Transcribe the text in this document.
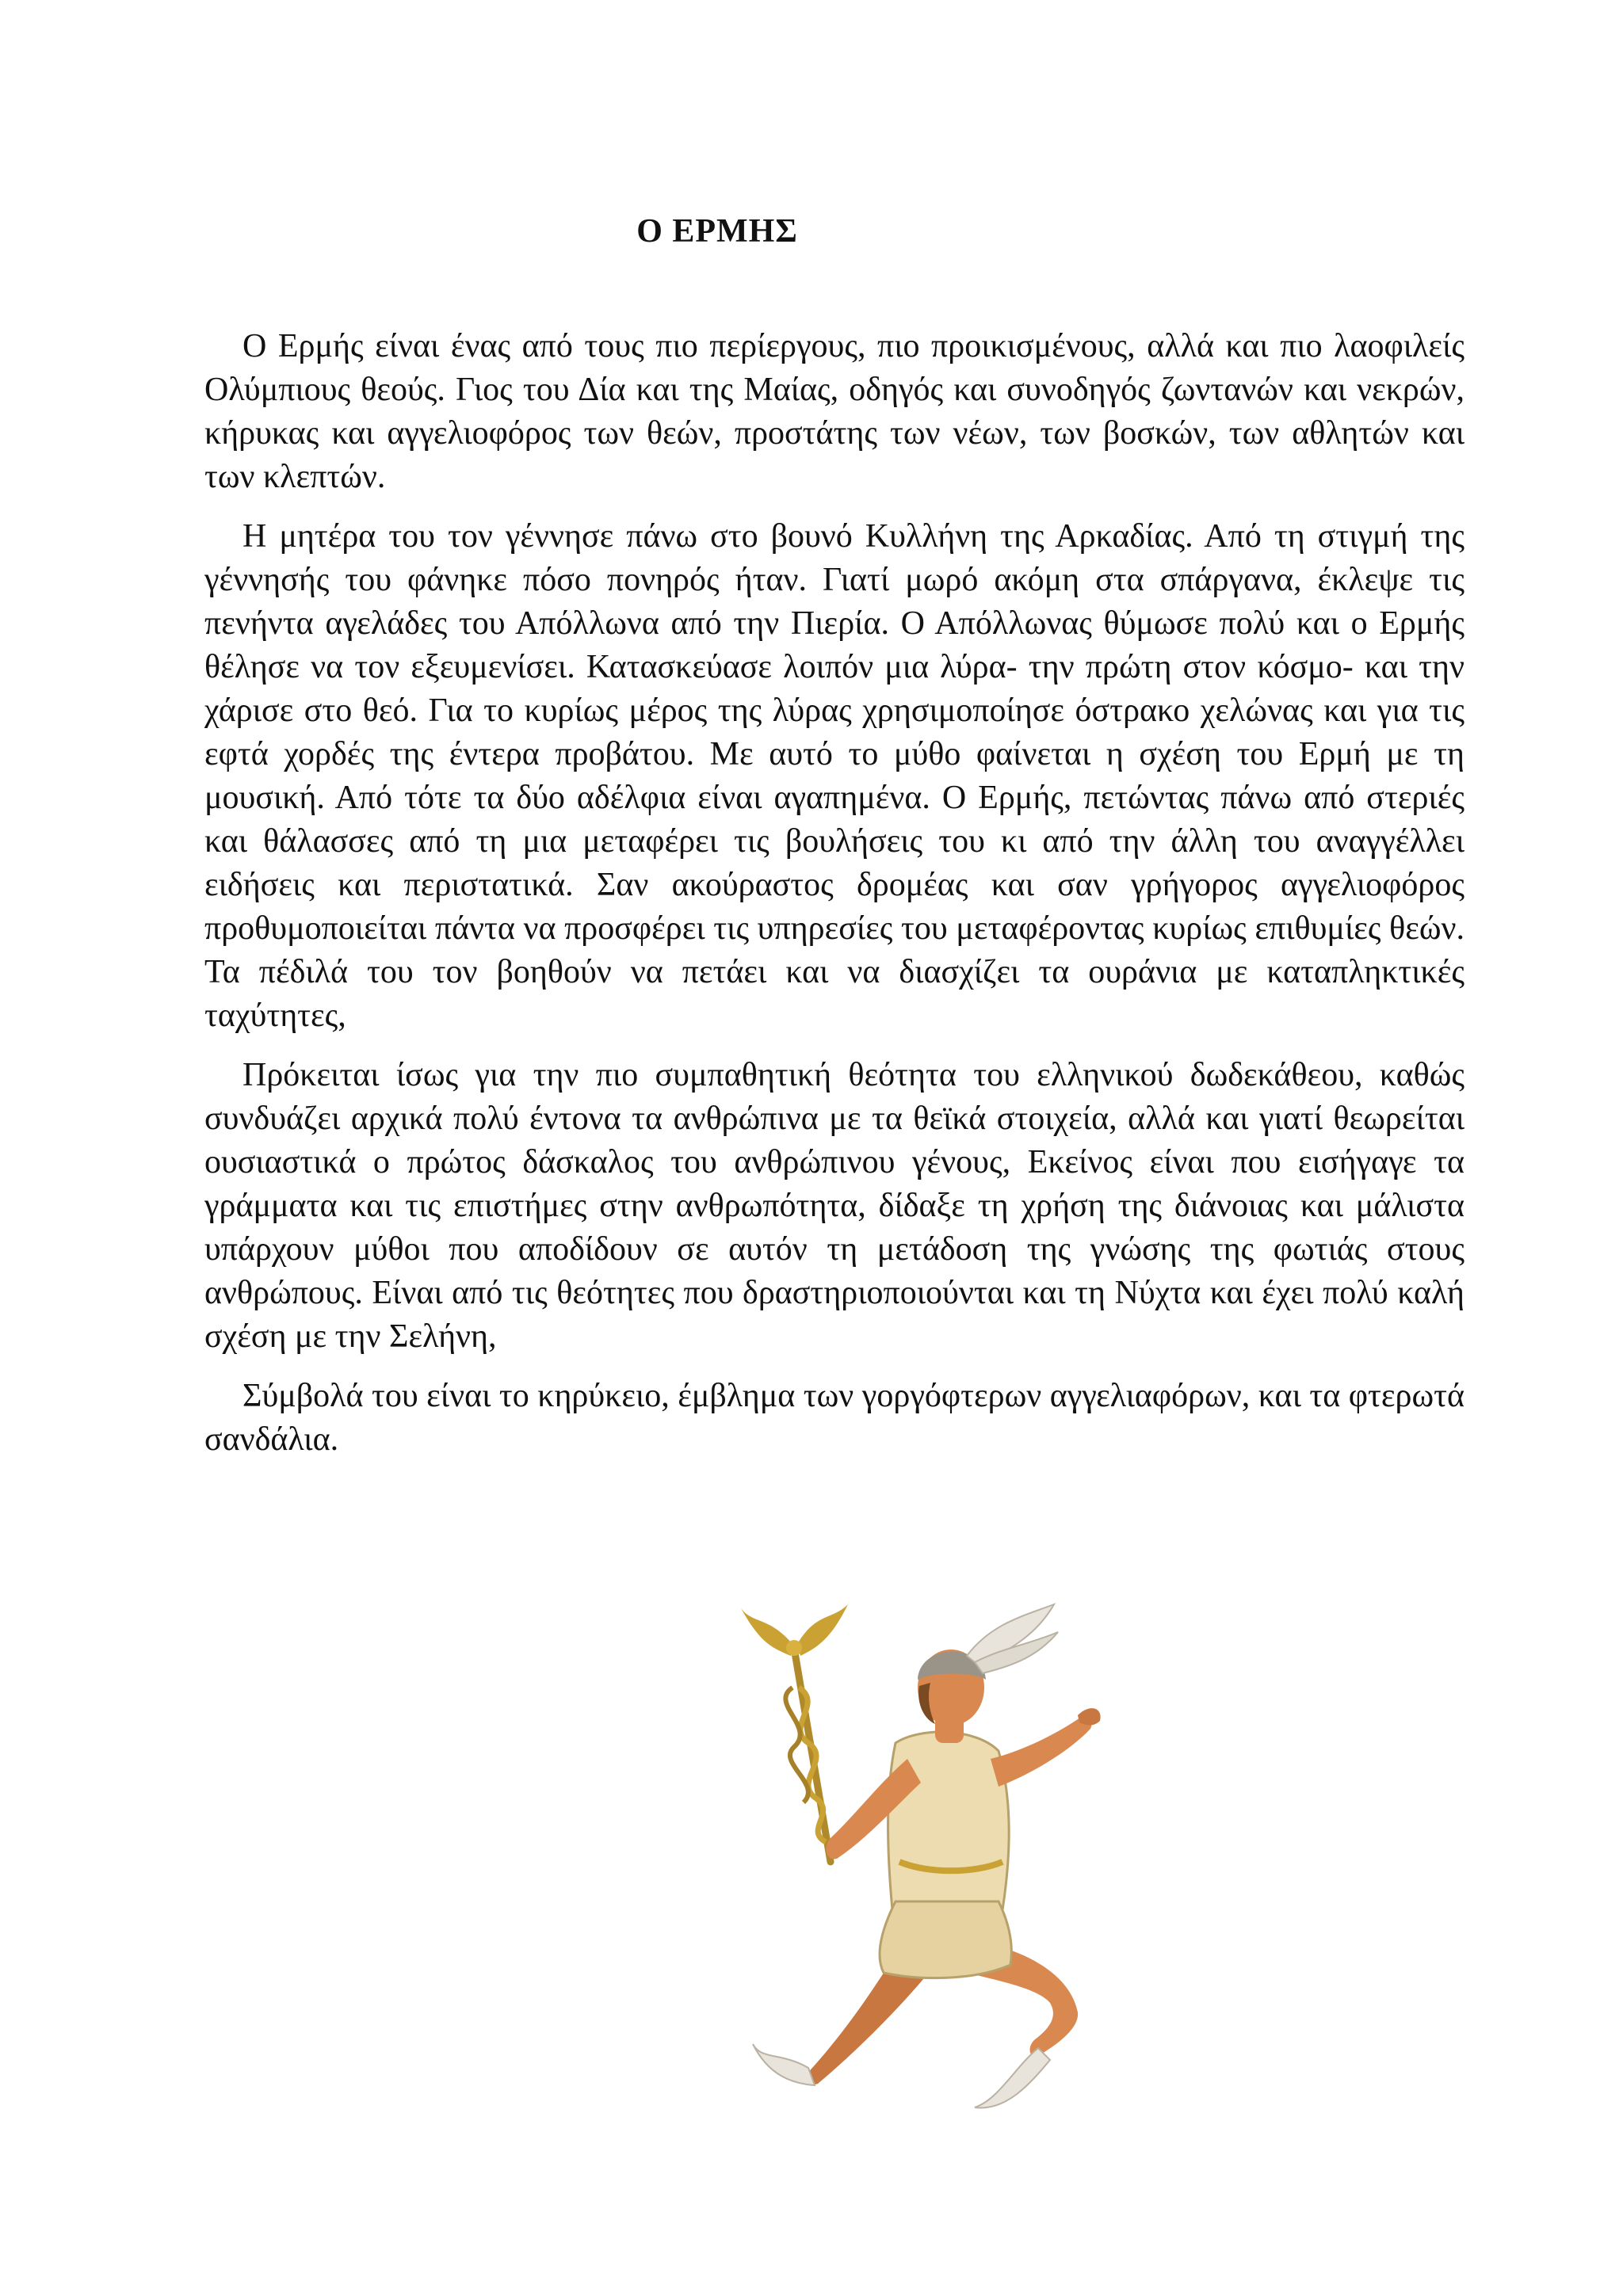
Ο ΕΡΜΗΣ

Ο Ερμής είναι ένας από τους πιο περίεργους, πιο προικισμένους, αλλά και πιο λαοφιλείς Ολύμπιους θεούς. Γιος του Δία και της Μαίας, οδηγός και συνοδηγός ζωντανών και νεκρών, κήρυκας και αγγελιοφόρος των θεών, προστάτης των νέων, των βοσκών, των αθλητών και των κλεπτών.

Η μητέρα του τον γέννησε πάνω στο βουνό Κυλλήνη της Αρκαδίας. Από τη στιγμή της γέννησής του φάνηκε πόσο πονηρός ήταν. Γιατί μωρό ακόμη στα σπάργανα, έκλεψε τις πενήντα αγελάδες του Απόλλωνα από την Πιερία. Ο Απόλλωνας θύμωσε πολύ και ο Ερμής θέλησε να τον εξευμενίσει. Κατασκεύασε λοιπόν μια λύρα- την πρώτη στον κόσμο- και την χάρισε στο θεό. Για το κυρίως μέρος της λύρας χρησιμοποίησε όστρακο χελώνας και για τις εφτά χορδές της έντερα προβάτου. Με αυτό το μύθο φαίνεται η σχέση του Ερμή με τη μουσική. Από τότε τα δύο αδέλφια είναι αγαπημένα. Ο Ερμής, πετώντας πάνω από στεριές και θάλασσες από τη μια μεταφέρει τις βουλήσεις του κι από την άλλη του αναγγέλλει ειδήσεις και περιστατικά. Σαν ακούραστος δρομέας και σαν γρήγορος αγγελιοφόρος προθυμοποιείται πάντα να προσφέρει τις υπηρεσίες του μεταφέροντας κυρίως επιθυμίες θεών. Τα πέδιλά του τον βοηθούν να πετάει και να διασχίζει τα ουράνια με καταπληκτικές ταχύτητες,

Πρόκειται ίσως για την πιο συμπαθητική θεότητα του ελληνικού δωδεκάθεου, καθώς συνδυάζει αρχικά πολύ έντονα τα ανθρώπινα με τα θεϊκά στοιχεία, αλλά και γιατί θεωρείται ουσιαστικά ο πρώτος δάσκαλος του ανθρώπινου γένους, Εκείνος είναι που εισήγαγε τα γράμματα και τις επιστήμες στην ανθρωπότητα, δίδαξε τη χρήση της διάνοιας και μάλιστα υπάρχουν μύθοι που αποδίδουν σε αυτόν τη μετάδοση της γνώσης της φωτιάς στους ανθρώπους. Είναι από τις θεότητες που δραστηριοποιούνται και τη Νύχτα και έχει πολύ καλή σχέση με την Σελήνη,

Σύμβολά του είναι το κηρύκειο, έμβλημα των γοργόφτερων αγγελιαφόρων, και τα φτερωτά σανδάλια.
